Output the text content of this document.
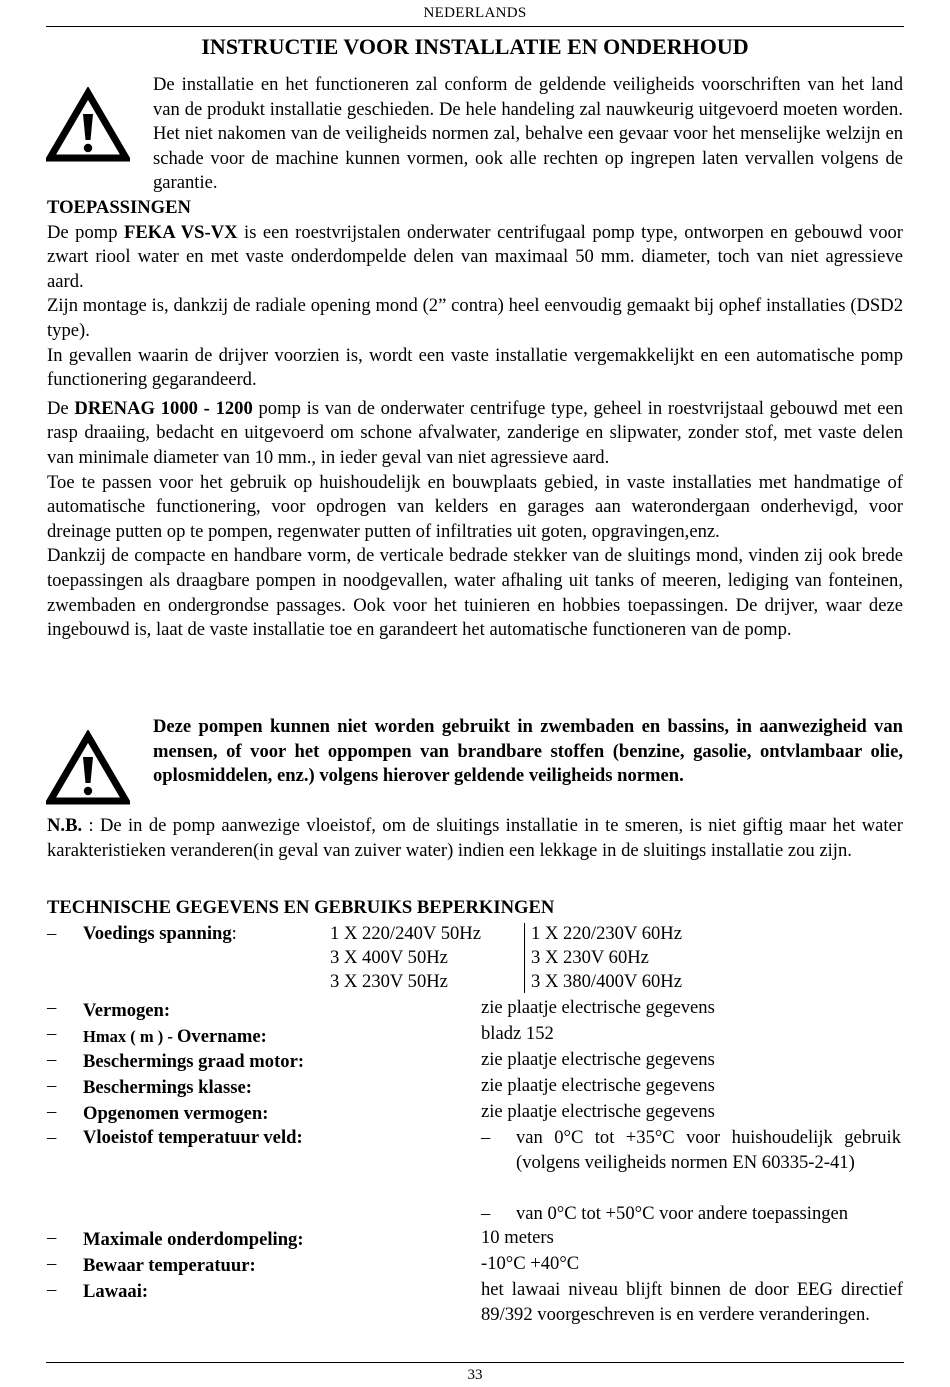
NEDERLANDS
INSTRUCTIE VOOR INSTALLATIE EN ONDERHOUD
De installatie en het functioneren zal conform de geldende veiligheids voorschriften van het land van de produkt installatie geschieden. De hele handeling zal nauwkeurig uitgevoerd moeten worden. Het niet nakomen van de veiligheids normen zal, behalve een gevaar voor het menselijke welzijn en schade voor de machine kunnen vormen, ook alle rechten op ingrepen laten vervallen volgens de garantie.

TOEPASSINGEN

De pomp FEKA VS-VX is een roestvrijstalen onderwater centrifugaal pomp type, ontworpen en gebouwd voor zwart riool water en met vaste onderdompelde delen van maximaal 50 mm. diameter, toch van niet agressieve aard.

Zijn montage is, dankzij de radiale opening mond (2” contra) heel eenvoudig gemaakt bij ophef installaties (DSD2 type).

In gevallen waarin de drijver voorzien is, wordt een vaste installatie vergemakkelijkt en een automatische pomp functionering gegarandeerd.

De DRENAG 1000 - 1200 pomp is van de onderwater centrifuge type, geheel in roestvrijstaal gebouwd met een rasp draaiing, bedacht en uitgevoerd om schone afvalwater, zanderige en slipwater, zonder stof, met vaste delen van minimale diameter van 10 mm., in ieder geval van niet agressieve aard.

Toe te passen voor het gebruik op huishoudelijk en bouwplaats gebied, in vaste installaties met handmatige of automatische functionering, voor opdrogen van kelders en garages aan waterondergaan onderhevigd, voor dreinage putten op te pompen, regenwater putten of infiltraties uit goten, opgravingen,enz.

Dankzij de compacte en handbare vorm, de verticale bedrade stekker van de sluitings mond, vinden zij ook brede toepassingen als draagbare pompen in noodgevallen, water afhaling uit tanks of meeren, lediging van fonteinen, zwembaden en ondergrondse passages. Ook voor het tuinieren en hobbies toepassingen. De drijver, waar deze ingebouwd is, laat de vaste installatie toe en garandeert het automatische functioneren van de pomp.

Deze pompen kunnen niet worden gebruikt in zwembaden en bassins, in aanwezigheid van mensen, of voor het oppompen van brandbare stoffen (benzine, gasolie, ontvlambaar olie, oplosmiddelen, enz.) volgens hierover geldende veiligheids normen.
N.B. : De in de pomp aanwezige vloeistof, om de sluitings installatie in te smeren, is niet giftig maar het water karakteristieken veranderen(in geval van zuiver water) indien een lekkage in de sluitings installatie zou zijn.
TECHNISCHE GEGEVENS EN GEBRUIKS BEPERKINGEN
– Voedings spanning:	1 X 220/240V 50Hz	1 X 220/230V 60Hz
3 X 400V 50Hz	3 X 230V 60Hz
3 X 230V 50Hz	3 X 380/400V 60Hz
– Vermogen:	zie plaatje electrische gegevens
– Hmax ( m ) - Overname:	bladz 152
– Beschermings graad motor:	zie plaatje electrische gegevens
– Beschermings klasse:	zie plaatje electrische gegevens
– Opgenomen vermogen:	zie plaatje electrische gegevens
– Vloeistof temperatuur veld:	– van 0°C tot +35°C voor huishoudelijk gebruik (volgens veiligheids normen EN 60335-2-41)
– van 0°C tot +50°C voor andere toepassingen
– Maximale onderdompeling:	10 meters
– Bewaar temperatuur:	-10°C +40°C
– Lawaai:	het lawaai niveau blijft binnen de door EEG directief 89/392 voorgeschreven is en verdere veranderingen.
33
